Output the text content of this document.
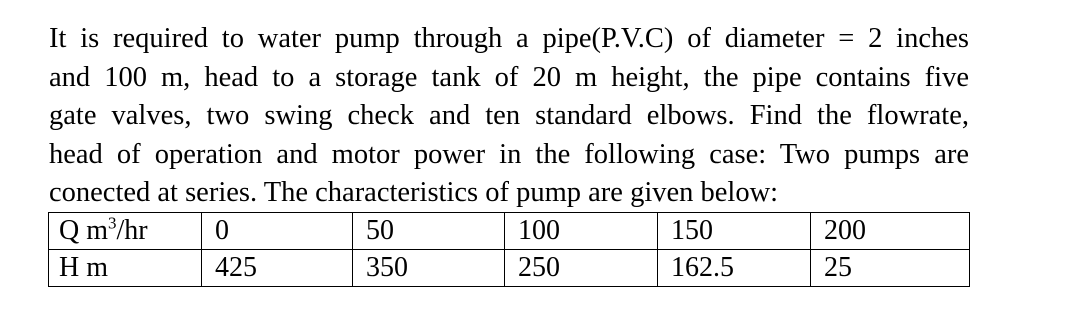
It is required to water pump through a pipe(P.V.C) of diameter = 2 inches
and 100 m, head to a storage tank of 20 m height, the pipe contains five
gate valves, two swing check and ten standard elbows. Find the flowrate,
head of operation and motor power in the following case: Two pumps are
conected at series. The characteristics of pump are given below:
Q $m^3/hr$	0	50	100	150	200
H m	425	350	250	162.5	25
